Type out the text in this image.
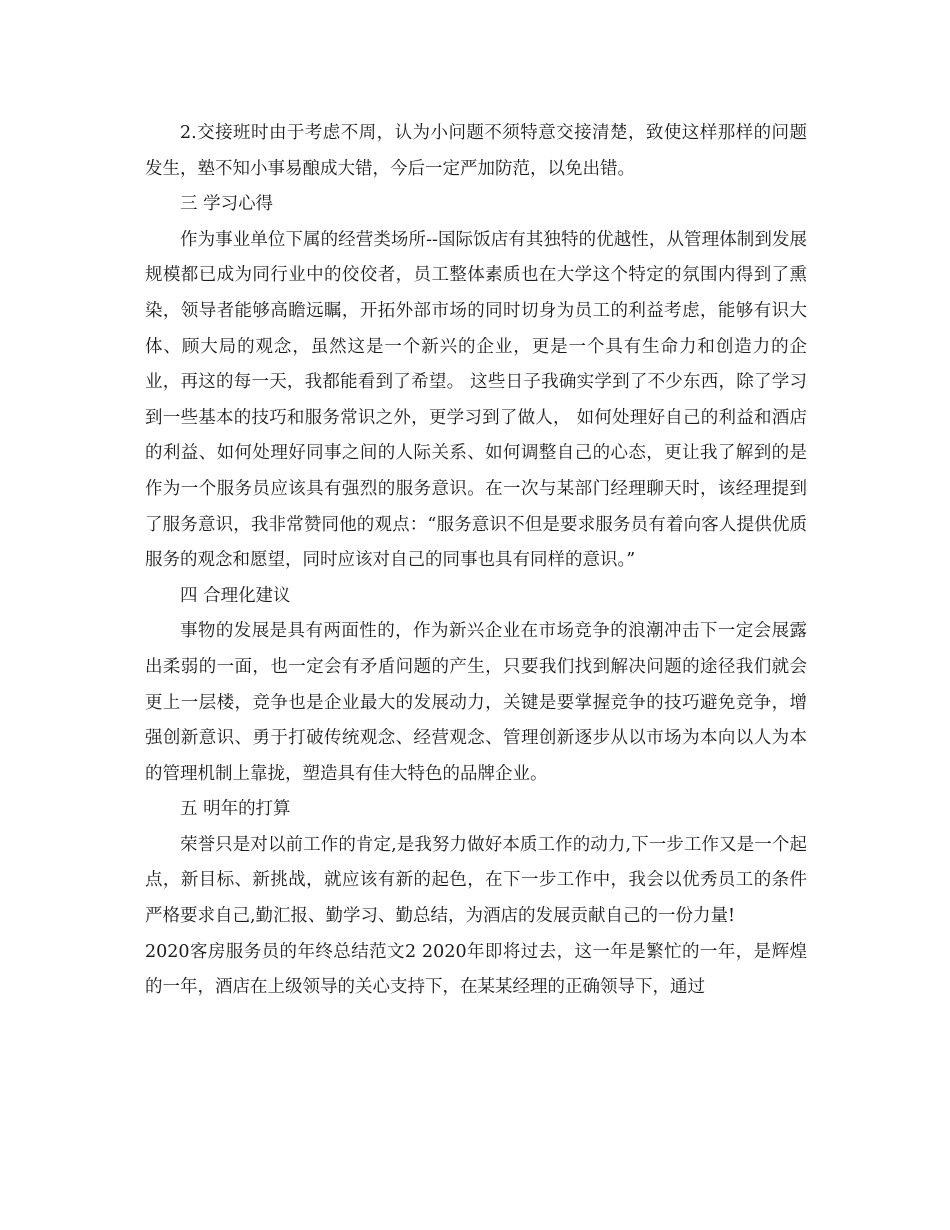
2.交接班时由于考虑不周，认为小问题不须特意交接清楚，致使这样那样的问题发生，塾不知小事易酿成大错，今后一定严加防范，以免出错。

三 学习心得

作为事业单位下属的经营类场所--国际饭店有其独特的优越性，从管理体制到发展规模都已成为同行业中的佼佼者，员工整体素质也在大学这个特定的氛围内得到了熏染，领导者能够高瞻远瞩，开拓外部市场的同时切身为员工的利益考虑，能够有识大体、顾大局的观念，虽然这是一个新兴的企业，更是一个具有生命力和创造力的企业，再这的每一天，我都能看到了希望。 这些日子我确实学到了不少东西，除了学习到一些基本的技巧和服务常识之外，更学习到了做人， 如何处理好自己的利益和酒店的利益、如何处理好同事之间的人际关系、如何调整自己的心态，更让我了解到的是作为一个服务员应该具有强烈的服务意识。在一次与某部门经理聊天时，该经理提到了服务意识，我非常赞同他的观点：“服务意识不但是要求服务员有着向客人提供优质服务的观念和愿望，同时应该对自己的同事也具有同样的意识。”

四 合理化建议

事物的发展是具有两面性的，作为新兴企业在市场竞争的浪潮冲击下一定会展露出柔弱的一面，也一定会有矛盾问题的产生，只要我们找到解决问题的途径我们就会更上一层楼，竞争也是企业最大的发展动力，关键是要掌握竞争的技巧避免竞争，增强创新意识、勇于打破传统观念、经营观念、管理创新逐步从以市场为本向以人为本的管理机制上靠拢，塑造具有佳大特色的品牌企业。

五 明年的打算

荣誉只是对以前工作的肯定,是我努力做好本质工作的动力,下一步工作又是一个起点，新目标、新挑战，就应该有新的起色，在下一步工作中，我会以优秀员工的条件严格要求自己,勤汇报、勤学习、勤总结，为酒店的发展贡献自己的一份力量!

2020客房服务员的年终总结范文2 2020年即将过去，这一年是繁忙的一年，是辉煌的一年，酒店在上级领导的关心支持下，在某某经理的正确领导下，通过
